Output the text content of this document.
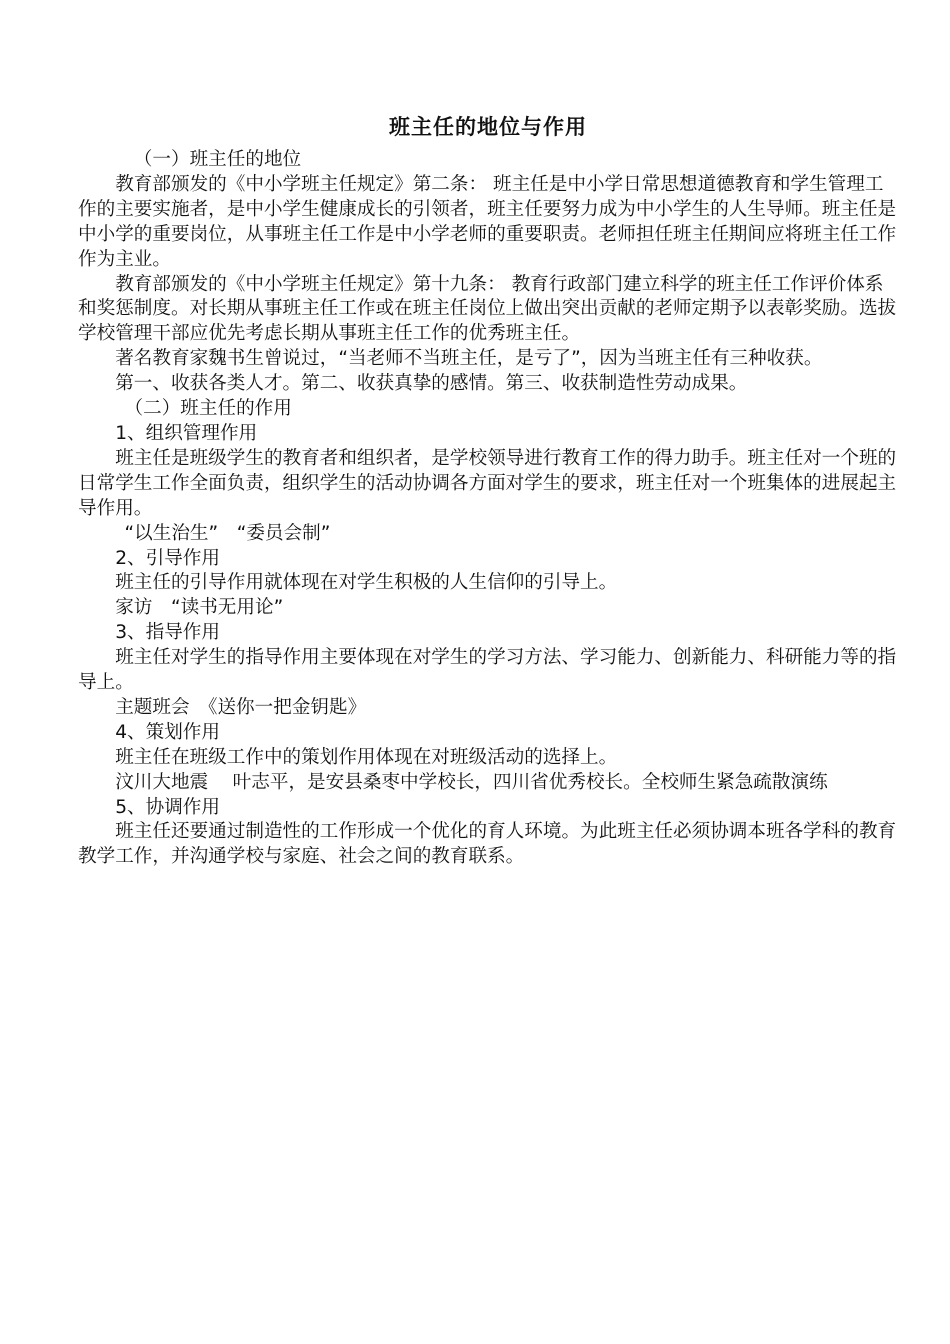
班主任的地位与作用

（一）班主任的地位

教育部颁发的《中小学班主任规定》第二条： 班主任是中小学日常思想道德教育和学生管理工作的主要实施者，是中小学生健康成长的引领者，班主任要努力成为中小学生的人生导师。班主任是中小学的重要岗位，从事班主任工作是中小学老师的重要职责。老师担任班主任期间应将班主任工作作为主业。

教育部颁发的《中小学班主任规定》第十九条： 教育行政部门建立科学的班主任工作评价体系和奖惩制度。对长期从事班主任工作或在班主任岗位上做出突出贡献的老师定期予以表彰奖励。选拔学校管理干部应优先考虑长期从事班主任工作的优秀班主任。

著名教育家魏书生曾说过，“当老师不当班主任，是亏了”，因为当班主任有三种收获。

第一、收获各类人才。第二、收获真挚的感情。第三、收获制造性劳动成果。

（二）班主任的作用

1、组织管理作用

班主任是班级学生的教育者和组织者，是学校领导进行教育工作的得力助手。班主任对一个班的日常学生工作全面负责，组织学生的活动协调各方面对学生的要求，班主任对一个班集体的进展起主导作用。

“以生治生”　“委员会制”

2、引导作用

班主任的引导作用就体现在对学生积极的人生信仰的引导上。

家访　“读书无用论”

3、指导作用

班主任对学生的指导作用主要体现在对学生的学习方法、学习能力、创新能力、科研能力等的指导上。

主题班会　《送你一把金钥匙》

4、策划作用

班主任在班级工作中的策划作用体现在对班级活动的选择上。

汶川大地震　 叶志平，是安县桑枣中学校长，四川省优秀校长。全校师生紧急疏散演练

5、协调作用

班主任还要通过制造性的工作形成一个优化的育人环境。为此班主任必须协调本班各学科的教育教学工作，并沟通学校与家庭、社会之间的教育联系。
